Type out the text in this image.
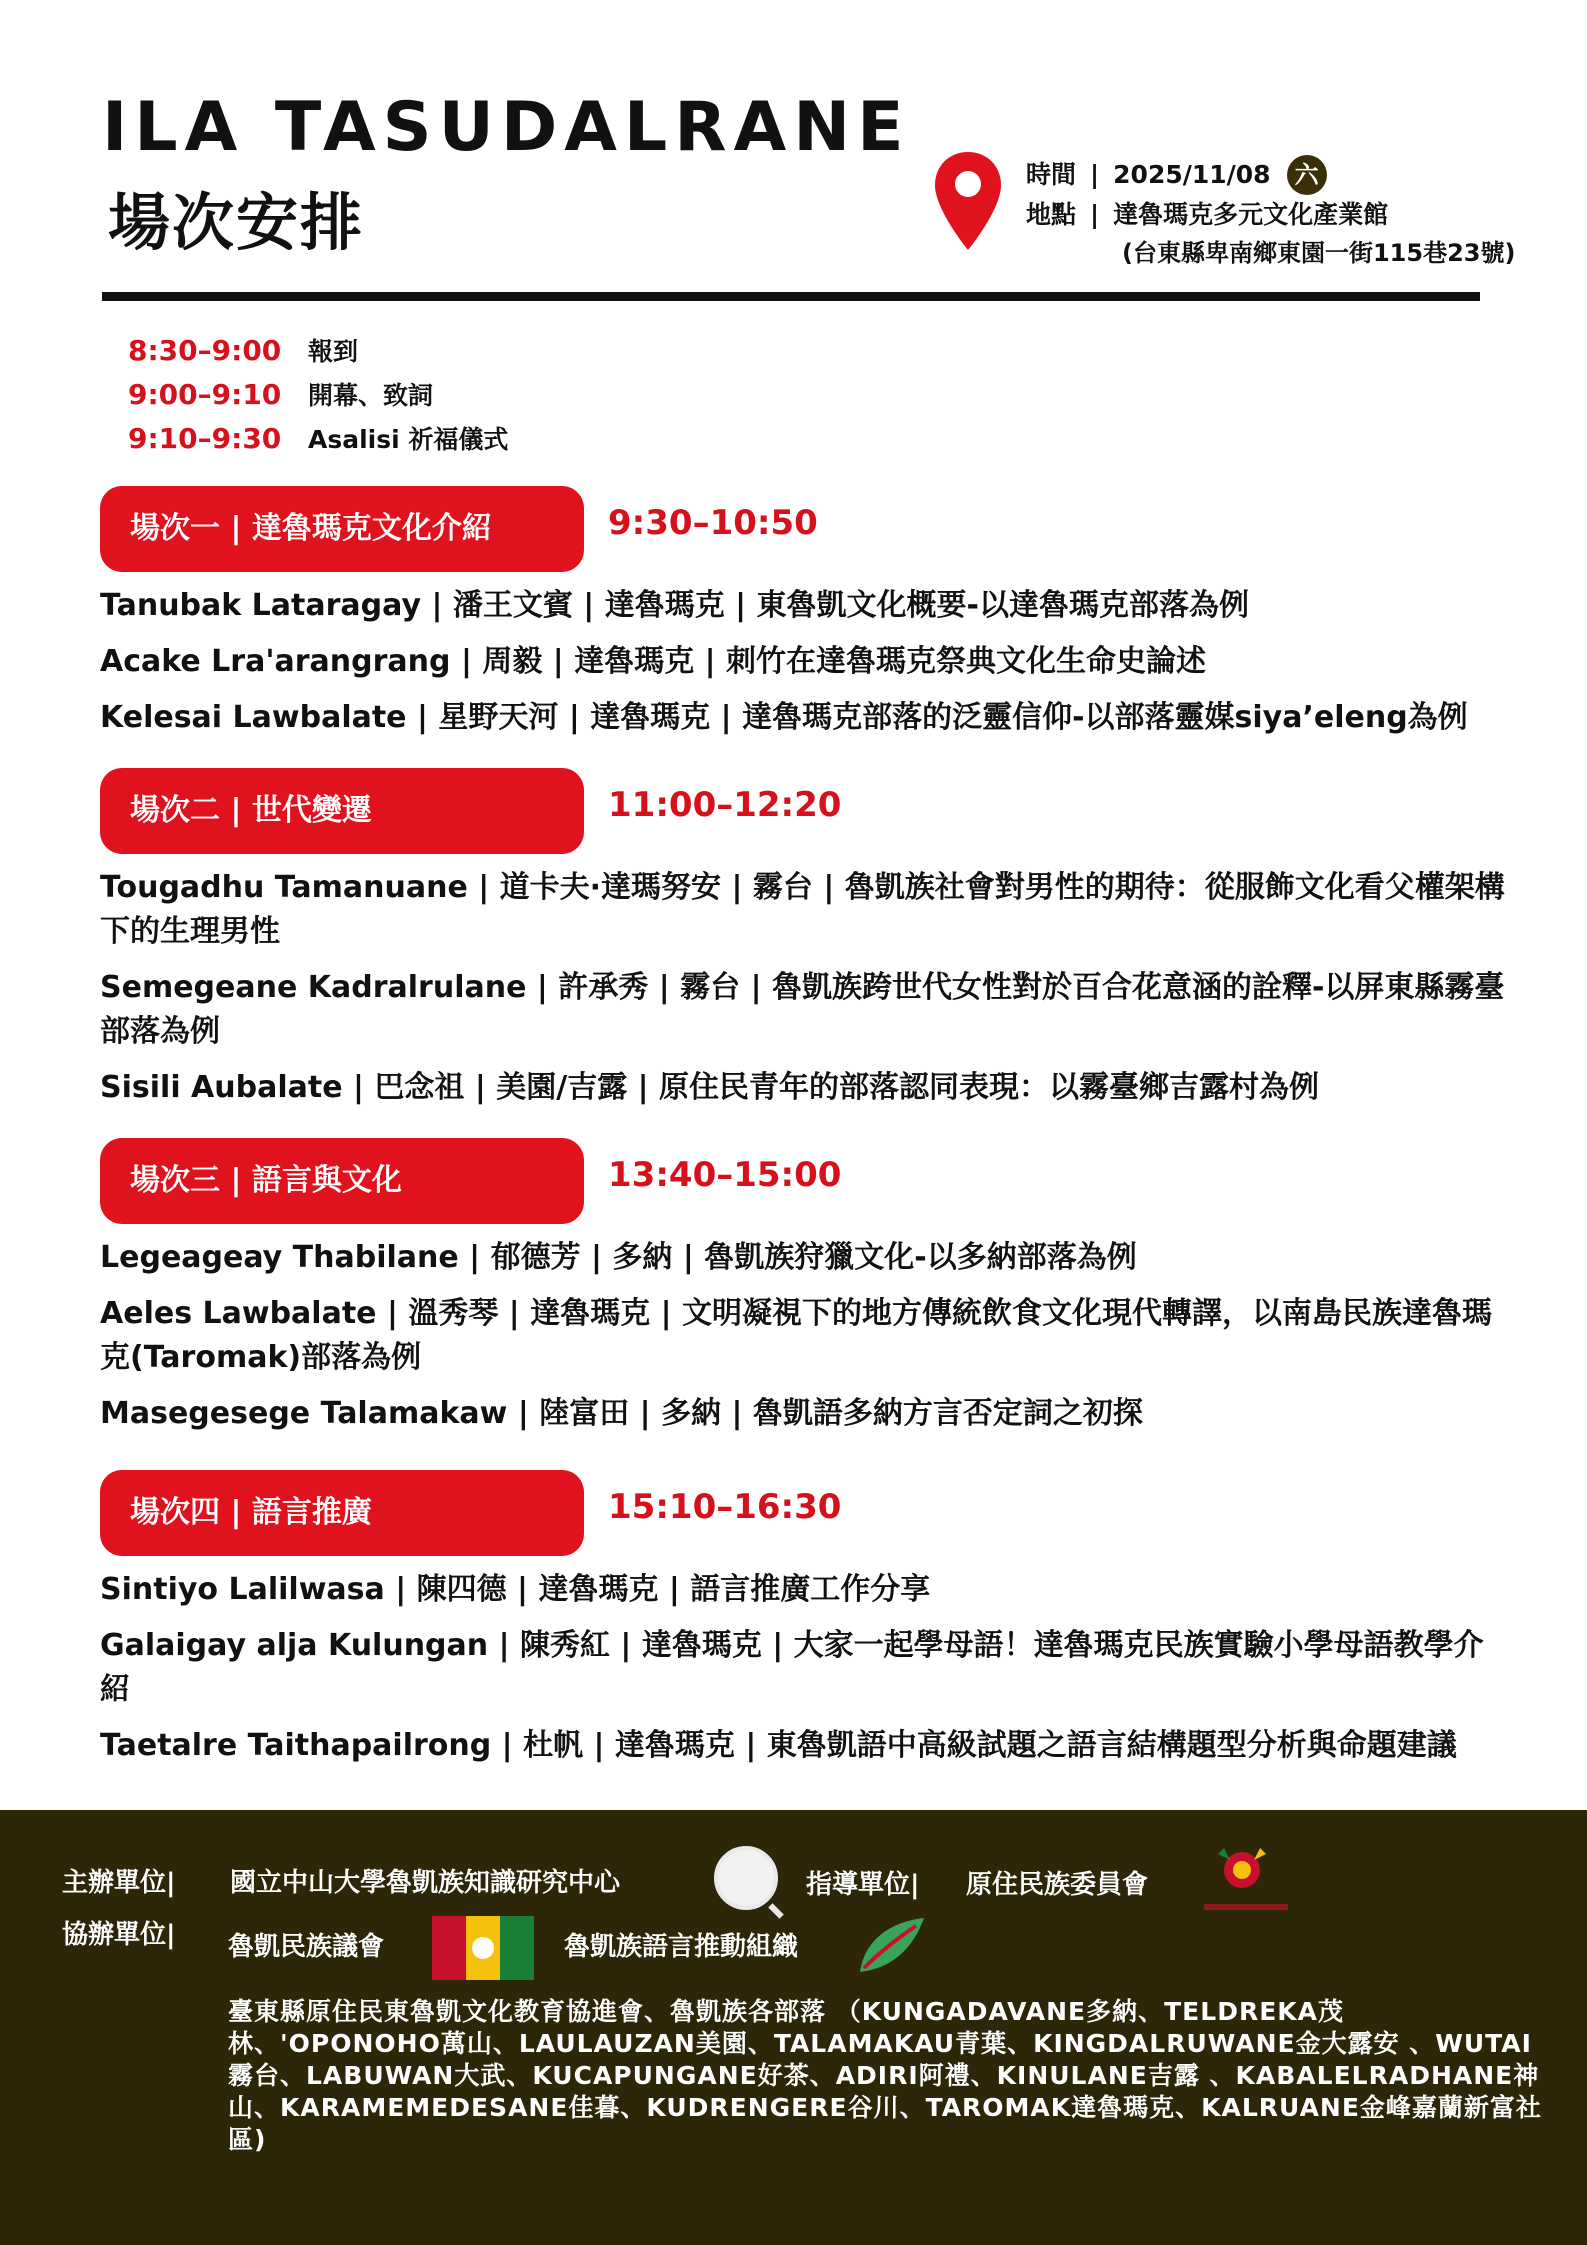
ILA TASUDALRANE
場次安排
時間 | 2025/11/08 六
地點 | 達魯瑪克多元文化產業館
(台東縣卑南鄉東園一街115巷23號)
8:30–9:00 報到
9:00–9:10 開幕、致詞
9:10–9:30 Asalisi 祈福儀式
場次一 | 達魯瑪克文化介紹	9:30–10:50
Tanubak Lataragay | 潘王文賓 | 達魯瑪克 | 東魯凱文化概要-以達魯瑪克部落為例
Acake Lra'arangrang | 周毅 | 達魯瑪克 | 刺竹在達魯瑪克祭典文化生命史論述
Kelesai Lawbalate | 星野天河 | 達魯瑪克 | 達魯瑪克部落的泛靈信仰-以部落靈媒siya’eleng為例
場次二 | 世代變遷	11:00–12:20
Tougadhu Tamanuane | 道卡夫·達瑪努安 | 霧台 | 魯凱族社會對男性的期待：從服飾文化看父權架構下的生理男性
Semegeane Kadralrulane | 許承秀 | 霧台 | 魯凱族跨世代女性對於百合花意涵的詮釋-以屏東縣霧臺部落為例
Sisili Aubalate | 巴念祖 | 美園/吉露 | 原住民青年的部落認同表現：以霧臺鄉吉露村為例
場次三 | 語言與文化	13:40–15:00
Legeageay Thabilane | 郁德芳 | 多納 | 魯凱族狩獵文化-以多納部落為例
Aeles Lawbalate | 溫秀琴 | 達魯瑪克 | 文明凝視下的地方傳統飲食文化現代轉譯，以南島民族達魯瑪克(Taromak)部落為例
Masegesege Talamakaw | 陸富田 | 多納 | 魯凱語多納方言否定詞之初探
場次四 | 語言推廣	15:10–16:30
Sintiyo Lalilwasa | 陳四德 | 達魯瑪克 | 語言推廣工作分享
Galaigay alja Kulungan | 陳秀紅 | 達魯瑪克 | 大家一起學母語！達魯瑪克民族實驗小學母語教學介紹
Taetalre Taithapailrong | 杜帆 | 達魯瑪克 | 東魯凱語中高級試題之語言結構題型分析與命題建議
主辦單位| 國立中山大學魯凱族知識研究中心	指導單位| 原住民族委員會
協辦單位| 魯凱民族議會	魯凱族語言推動組織
臺東縣原住民東魯凱文化教育協進會、魯凱族各部落 （KUNGADAVANE多納、TELDREKA茂林、'OPONOHO萬山、LAULAUZAN美園、TALAMAKAU青葉、KINGDALRUWANE金大露安 、WUTAI霧台、LABUWAN大武、KUCAPUNGANE好茶、ADIRI阿禮、KINULANE吉露 、KABALELRADHANE神山、KARAMEMEDESANE佳暮、KUDRENGERE谷川、TAROMAK達魯瑪克、KALRUANE金峰嘉蘭新富社區)
